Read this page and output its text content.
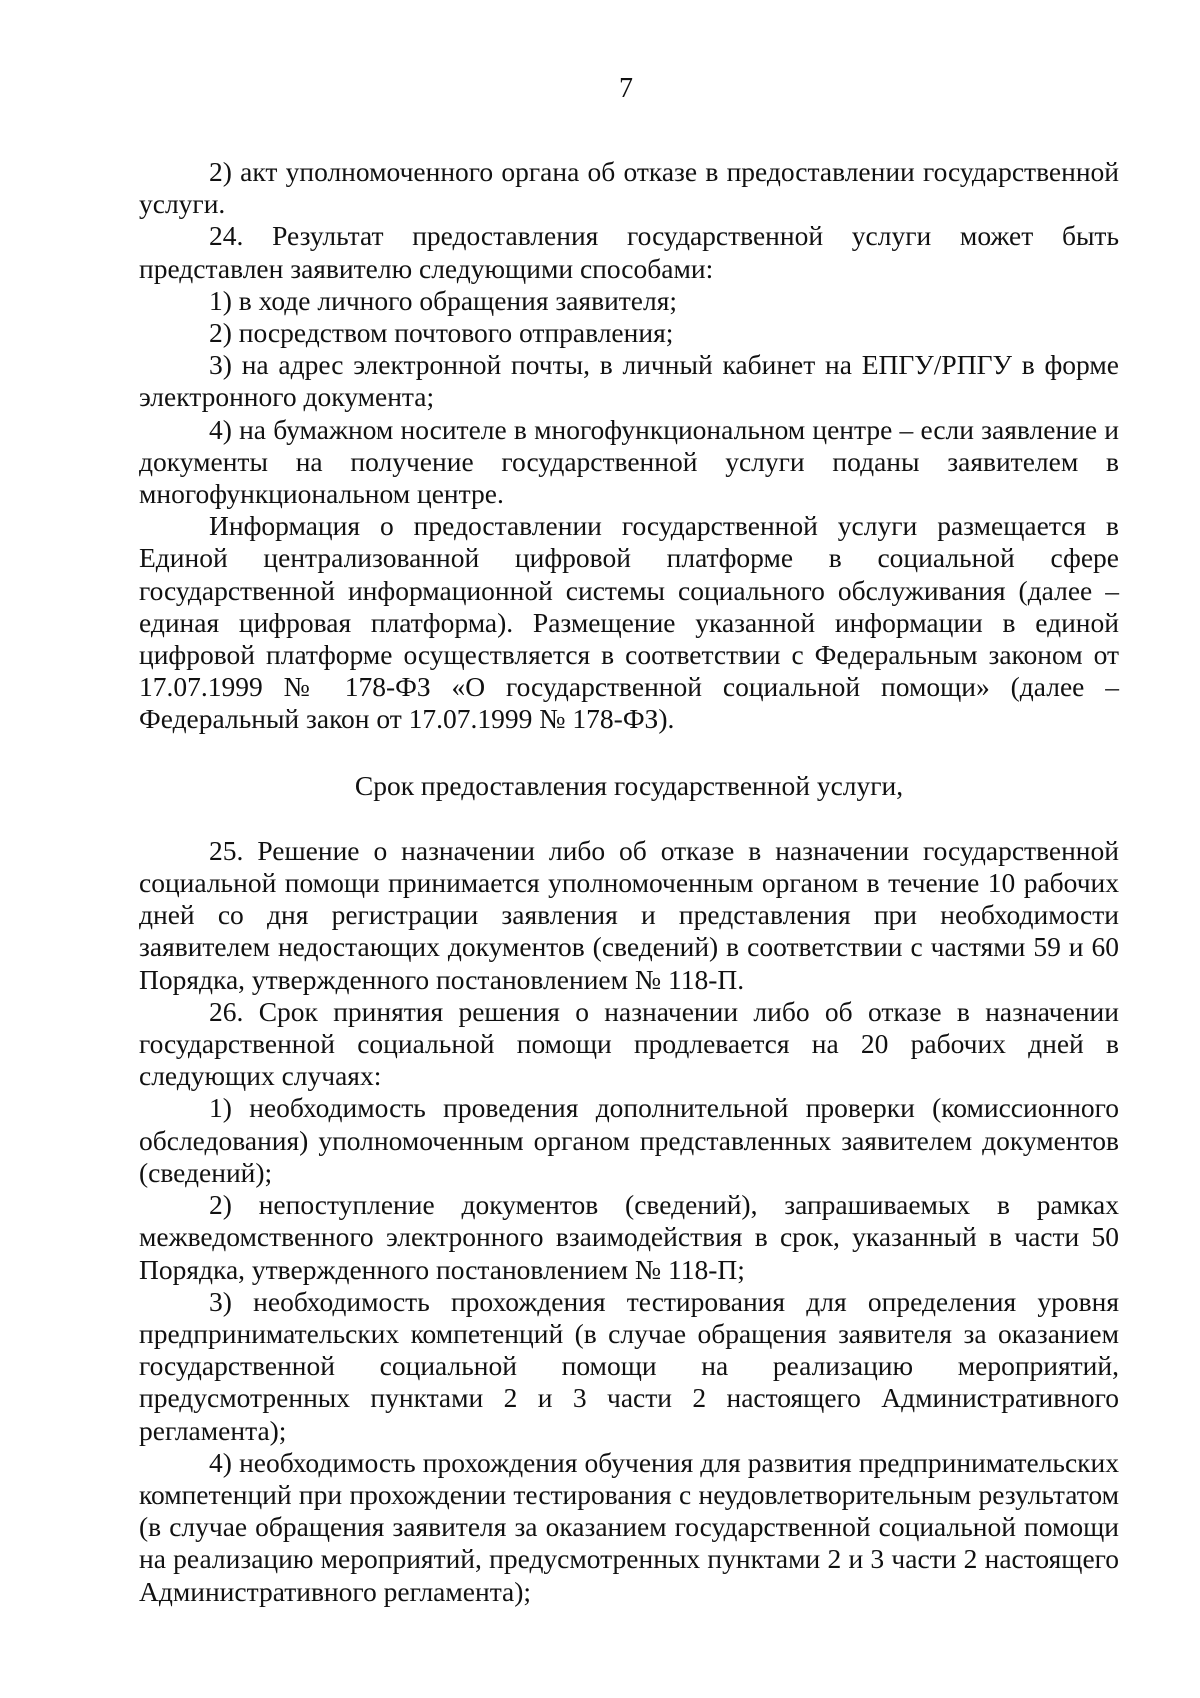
7

2) акт уполномоченного органа об отказе в предоставлении государственной услуги.

24. Результат предоставления государственной услуги может быть представлен заявителю следующими способами:

1) в ходе личного обращения заявителя;

2) посредством почтового отправления;

3) на адрес электронной почты, в личный кабинет на ЕПГУ/РПГУ в форме электронного документа;

4) на бумажном носителе в многофункциональном центре – если заявление и документы на получение государственной услуги поданы заявителем в многофункциональном центре.

Информация о предоставлении государственной услуги размещается в Единой централизованной цифровой платформе в социальной сфере государственной информационной системы социального обслуживания (далее – единая цифровая платформа). Размещение указанной информации в единой цифровой платформе осуществляется в соответствии с Федеральным законом от 17.07.1999 № 178-ФЗ «О государственной социальной помощи» (далее – Федеральный закон от 17.07.1999 № 178-ФЗ).

Срок предоставления государственной услуги,

25. Решение о назначении либо об отказе в назначении государственной социальной помощи принимается уполномоченным органом в течение 10 рабочих дней со дня регистрации заявления и представления при необходимости заявителем недостающих документов (сведений) в соответствии с частями 59 и 60 Порядка, утвержденного постановлением № 118-П.

26. Срок принятия решения о назначении либо об отказе в назначении государственной социальной помощи продлевается на 20 рабочих дней в следующих случаях:

1) необходимость проведения дополнительной проверки (комиссионного обследования) уполномоченным органом представленных заявителем документов (сведений);

2) непоступление документов (сведений), запрашиваемых в рамках межведомственного электронного взаимодействия в срок, указанный в части 50 Порядка, утвержденного постановлением № 118-П;

3) необходимость прохождения тестирования для определения уровня предпринимательских компетенций (в случае обращения заявителя за оказанием государственной социальной помощи на реализацию мероприятий, предусмотренных пунктами 2 и 3 части 2 настоящего Административного регламента);

4) необходимость прохождения обучения для развития предпринимательских компетенций при прохождении тестирования с неудовлетворительным результатом (в случае обращения заявителя за оказанием государственной социальной помощи на реализацию мероприятий, предусмотренных пунктами 2 и 3 части 2 настоящего Административного регламента);
